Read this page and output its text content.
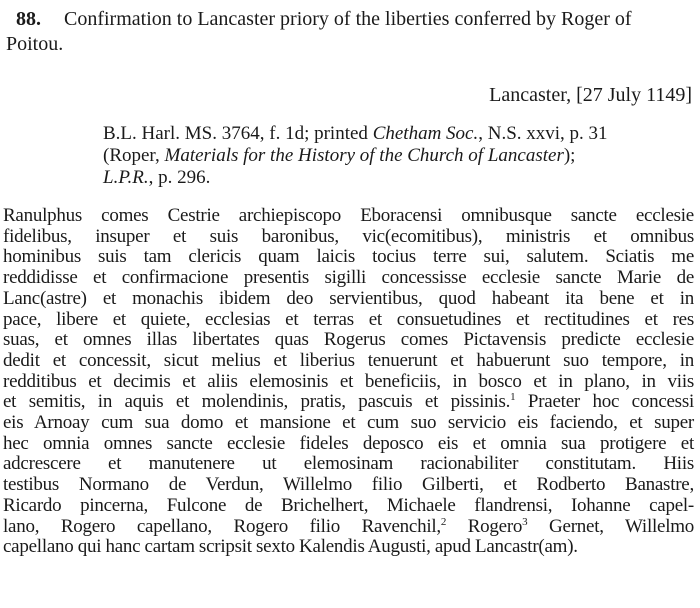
88. Confirmation to Lancaster priory of the liberties conferred by Roger of

Poitou.
Lancaster, [27 July 1149]
B.L. Harl. MS. 3764, f. 1d; printed Chetham Soc., N.S. xxvi, p. 31 (Roper, Materials for the History of the Church of Lancaster); L.P.R., p. 296.
Ranulphus comes Cestrie archiepiscopo Eboracensi omnibusque sancte ecclesie
fidelibus, insuper et suis baronibus, vic(ecomitibus), ministris et omnibus
hominibus suis tam clericis quam laicis tocius terre sui, salutem. Sciatis me
reddidisse et confirmacione presentis sigilli concessisse ecclesie sancte Marie de
Lanc(astre) et monachis ibidem deo servientibus, quod habeant ita bene et in
pace, libere et quiete, ecclesias et terras et consuetudines et rectitudines et res
suas, et omnes illas libertates quas Rogerus comes Pictavensis predicte ecclesie
dedit et concessit, sicut melius et liberius tenuerunt et habuerunt suo tempore, in
redditibus et decimis et aliis elemosinis et beneficiis, in bosco et in plano, in viis
et semitis, in aquis et molendinis, pratis, pascuis et pissinis.$^1$ Praeter hoc concessi
eis Arnoay cum sua domo et mansione et cum suo servicio eis faciendo, et super
hec omnia omnes sancte ecclesie fideles deposco eis et omnia sua protigere et
adcrescere et manutenere ut elemosinam racionabiliter constitutam. Hiis
testibus Normano de Verdun, Willelmo filio Gilberti, et Rodberto Banastre,
Ricardo pincerna, Fulcone de Brichelhert, Michaele flandrensi, Iohanne capel-
lano, Rogero capellano, Rogero filio Ravenchil,$^2$ Rogero$^3$ Gernet, Willelmo
capellano qui hanc cartam scripsit sexto Kalendis Augusti, apud Lancastr(am).
